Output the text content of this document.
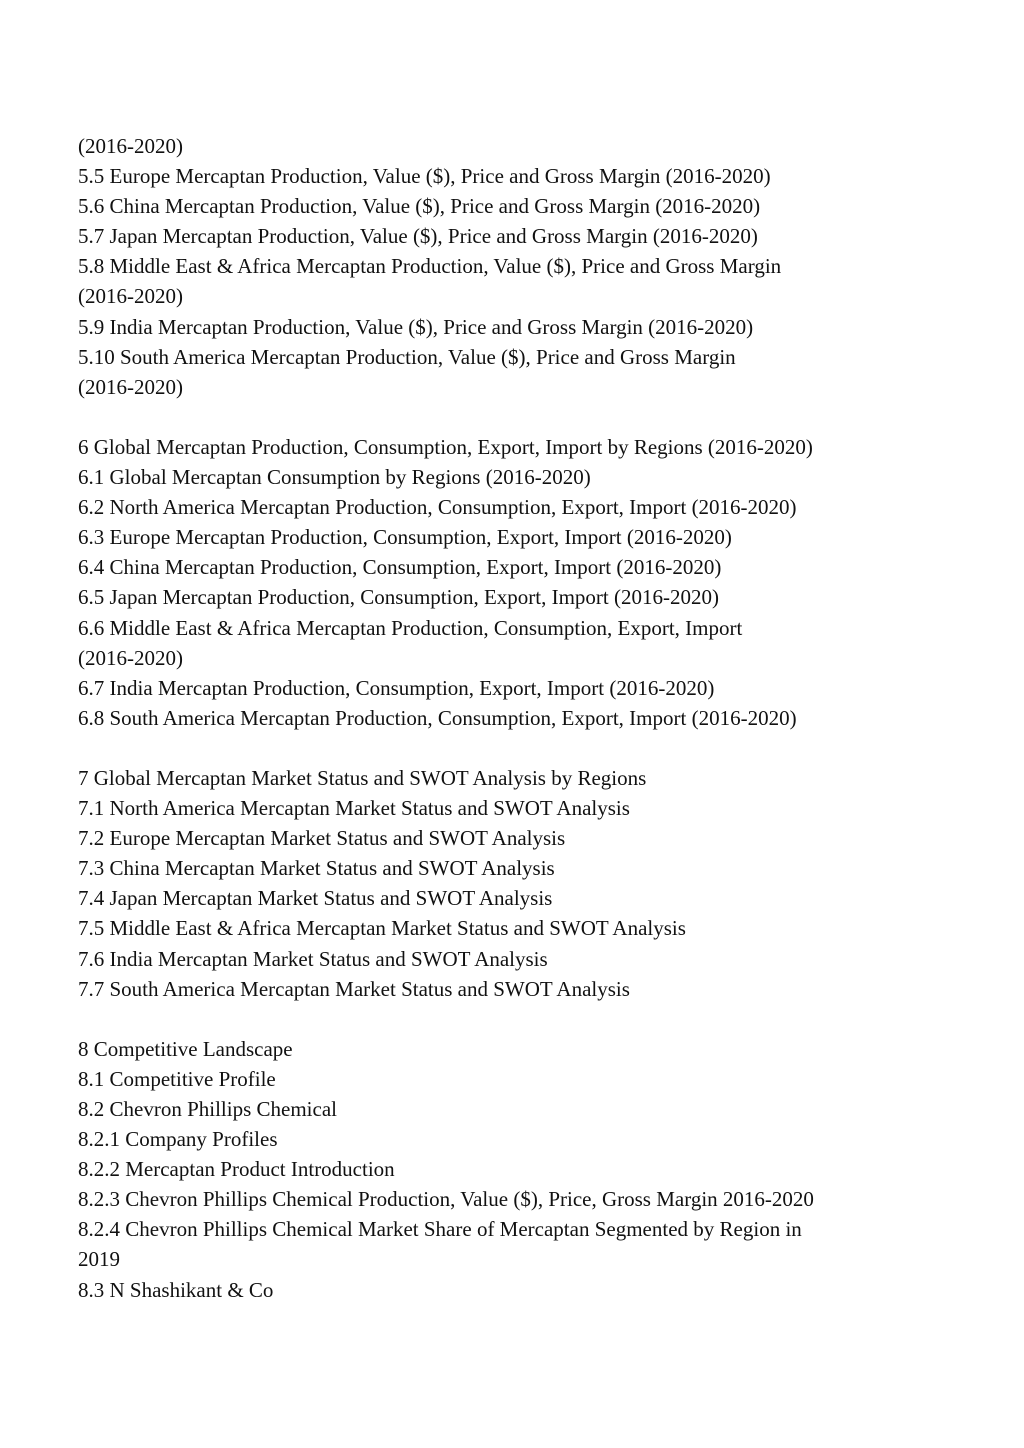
(2016-2020)

5.5 Europe Mercaptan Production, Value ($), Price and Gross Margin (2016-2020)

5.6 China Mercaptan Production, Value ($), Price and Gross Margin (2016-2020)

5.7 Japan Mercaptan Production, Value ($), Price and Gross Margin (2016-2020)

5.8 Middle East & Africa Mercaptan Production, Value ($), Price and Gross Margin

(2016-2020)

5.9 India Mercaptan Production, Value ($), Price and Gross Margin (2016-2020)

5.10 South America Mercaptan Production, Value ($), Price and Gross Margin

(2016-2020)

6 Global Mercaptan Production, Consumption, Export, Import by Regions (2016-2020)

6.1 Global Mercaptan Consumption by Regions (2016-2020)

6.2 North America Mercaptan Production, Consumption, Export, Import (2016-2020)

6.3 Europe Mercaptan Production, Consumption, Export, Import (2016-2020)

6.4 China Mercaptan Production, Consumption, Export, Import (2016-2020)

6.5 Japan Mercaptan Production, Consumption, Export, Import (2016-2020)

6.6 Middle East & Africa Mercaptan Production, Consumption, Export, Import

(2016-2020)

6.7 India Mercaptan Production, Consumption, Export, Import (2016-2020)

6.8 South America Mercaptan Production, Consumption, Export, Import (2016-2020)

7 Global Mercaptan Market Status and SWOT Analysis by Regions

7.1 North America Mercaptan Market Status and SWOT Analysis

7.2 Europe Mercaptan Market Status and SWOT Analysis

7.3 China Mercaptan Market Status and SWOT Analysis

7.4 Japan Mercaptan Market Status and SWOT Analysis

7.5 Middle East & Africa Mercaptan Market Status and SWOT Analysis

7.6 India Mercaptan Market Status and SWOT Analysis

7.7 South America Mercaptan Market Status and SWOT Analysis

8 Competitive Landscape

8.1 Competitive Profile

8.2 Chevron Phillips Chemical

8.2.1 Company Profiles

8.2.2 Mercaptan Product Introduction

8.2.3 Chevron Phillips Chemical Production, Value ($), Price, Gross Margin 2016-2020

8.2.4 Chevron Phillips Chemical Market Share of Mercaptan Segmented by Region in

2019

8.3 N Shashikant & Co
